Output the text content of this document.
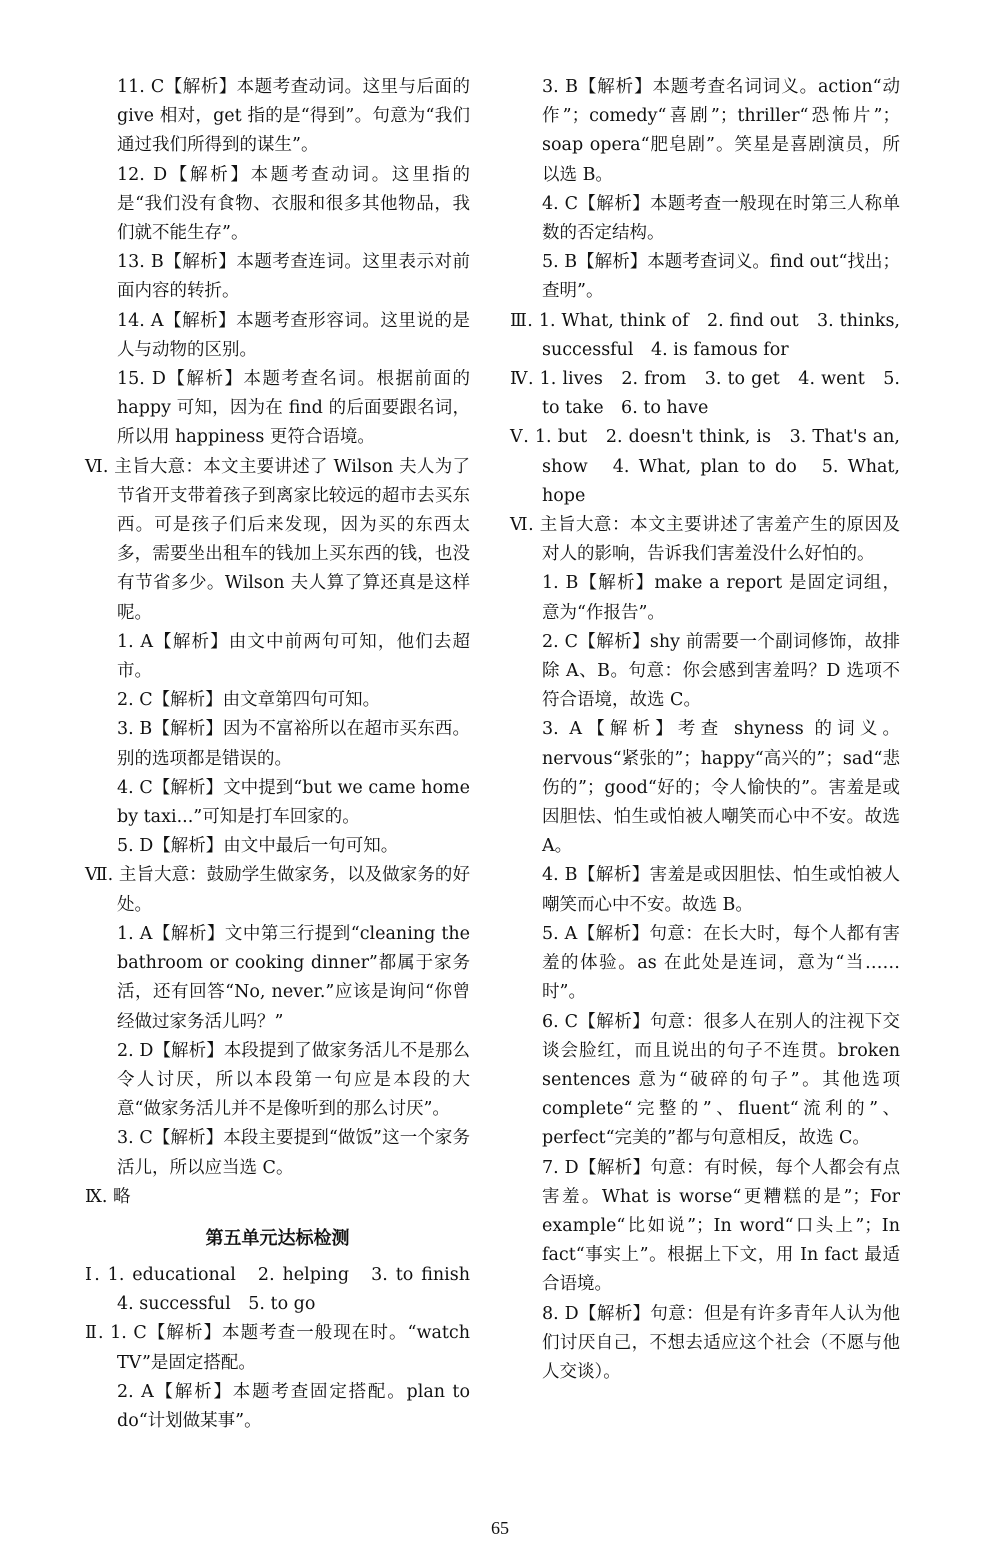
11. C【解析】本题考查动词。这里与后面的 give 相对，get 指的是“得到”。句意为“我们通过我们所得到的谋生”。

12. D【解析】本题考查动词。这里指的是“我们没有食物、衣服和很多其他物品，我们就不能生存”。

13. B【解析】本题考查连词。这里表示对前面内容的转折。

14. A【解析】本题考查形容词。这里说的是人与动物的区别。

15. D【解析】本题考查名词。根据前面的 happy 可知，因为在 find 的后面要跟名词，所以用 happiness 更符合语境。

Ⅵ. 主旨大意：本文主要讲述了 Wilson 夫人为了节省开支带着孩子到离家比较远的超市去买东西。可是孩子们后来发现，因为买的东西太多，需要坐出租车的钱加上买东西的钱，也没有节省多少。Wilson 夫人算了算还真是这样呢。

1. A【解析】由文中前两句可知，他们去超市。

2. C【解析】由文章第四句可知。

3. B【解析】因为不富裕所以在超市买东西。别的选项都是错误的。

4. C【解析】文中提到“but we came home by taxi...”可知是打车回家的。

5. D【解析】由文中最后一句可知。

Ⅶ. 主旨大意：鼓励学生做家务，以及做家务的好处。

1. A【解析】文中第三行提到“cleaning the bathroom or cooking dinner”都属于家务活，还有回答“No, never.”应该是询问“你曾经做过家务活儿吗？”

2. D【解析】本段提到了做家务活儿不是那么令人讨厌，所以本段第一句应是本段的大意“做家务活儿并不是像听到的那么讨厌”。

3. C【解析】本段主要提到“做饭”这一个家务活儿，所以应当选 C。

Ⅸ. 略

第五单元达标检测

Ⅰ. 1. educational　2. helping　3. to finish　4. successful　5. to go

Ⅱ. 1. C【解析】本题考查一般现在时。“watch TV”是固定搭配。

2. A【解析】本题考查固定搭配。plan to do“计划做某事”。

3. B【解析】本题考查名词词义。action“动作”；comedy“喜剧”；thriller“恐怖片”；soap opera“肥皂剧”。笑星是喜剧演员，所以选 B。

4. C【解析】本题考查一般现在时第三人称单数的否定结构。

5. B【解析】本题考查词义。find out“找出；查明”。

Ⅲ. 1. What, think of　2. find out　3. thinks, successful　4. is famous for

Ⅳ. 1. lives　2. from　3. to get　4. went　5. to take　6. to have

Ⅴ. 1. but　2. doesn't think, is　3. That's an, show　4. What, plan to do　5. What, hope

Ⅵ. 主旨大意：本文主要讲述了害羞产生的原因及对人的影响，告诉我们害羞没什么好怕的。

1. B【解析】make a report 是固定词组，意为“作报告”。

2. C【解析】shy 前需要一个副词修饰，故排除 A、B。句意：你会感到害羞吗？D 选项不符合语境，故选 C。

3. A【解析】考查 shyness 的词义。nervous“紧张的”；happy“高兴的”；sad“悲伤的”；good“好的；令人愉快的”。害羞是或因胆怯、怕生或怕被人嘲笑而心中不安。故选 A。

4. B【解析】害羞是或因胆怯、怕生或怕被人嘲笑而心中不安。故选 B。

5. A【解析】句意：在长大时，每个人都有害羞的体验。as 在此处是连词，意为“当……时”。

6. C【解析】句意：很多人在别人的注视下交谈会脸红，而且说出的句子不连贯。broken sentences 意为“破碎的句子”。其他选项 complete“完整的”、fluent“流利的”、perfect“完美的”都与句意相反，故选 C。

7. D【解析】句意：有时候，每个人都会有点害羞。What is worse“更糟糕的是”；For example“比如说”；In word“口头上”；In fact“事实上”。根据上下文，用 In fact 最适合语境。

8. D【解析】句意：但是有许多青年人认为他们讨厌自己，不想去适应这个社会（不愿与他人交谈）。

65
